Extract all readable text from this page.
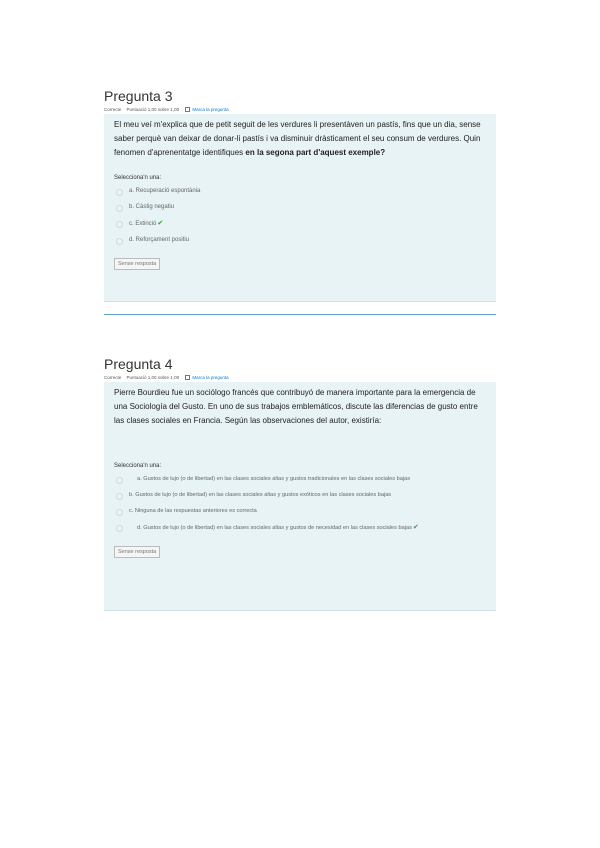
Pregunta 3
Correcte Puntuació 1,00 sobre 1,00	Marca la pregunta
El meu veí m'explica que de petit seguit de les verdures li presentàven un pastís, fins que un dia, sense saber perquè van deixar de donar-li pastís i va disminuir dràsticament el seu consum de verdures. Quin fenomen d'aprenentatge identifiques en la segona part d'aquest exemple?
Selecciona'n una:
a. Recuperació espontània
b. Càstig negatiu
c. Extinció✔
d. Reforçament positiu
Sense resposta
Pregunta 4
Correcte Puntuació 1,00 sobre 1,00	Marca la pregunta
Pierre Bourdieu fue un sociólogo francés que contribuyó de manera importante para la emergencia de una Sociología del Gusto. En uno de sus trabajos emblemáticos, discute las diferencias de gusto entre las clases sociales en Francia. Según las observaciones del autor, existiría:
Selecciona'n una:
a. Gustos de lujo (o de libertad) en las clases sociales altas y gustos tradicionales en las clases sociales bajas
b. Gustos de lujo (o de libertad) en las clases sociales altas y gustos exóticos en las clases sociales bajas
c. Ninguna de las respuestas anteriores es correcta
d. Gustos de lujo (o de libertad) en las clases sociales altas y gustos de necesidad en las clases sociales bajas✔
Sense resposta
